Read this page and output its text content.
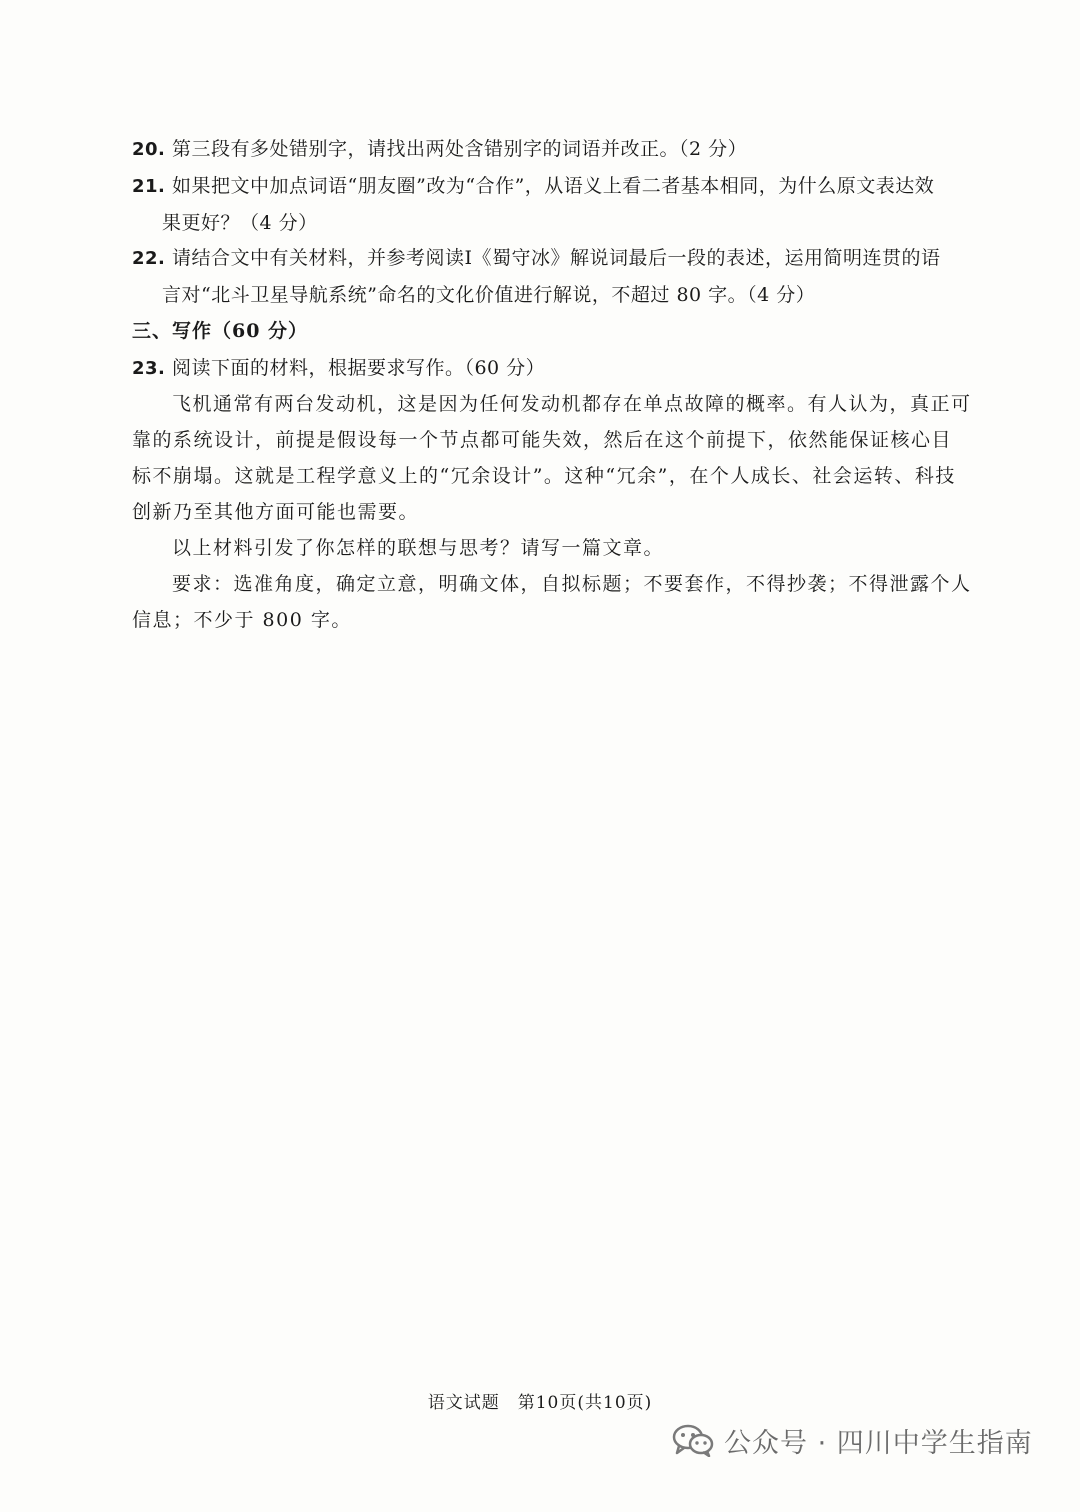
20. 第三段有多处错别字，请找出两处含错别字的词语并改正。（2 分）
21. 如果把文中加点词语“朋友圈”改为“合作”，从语义上看二者基本相同，为什么原文表达效
果更好？（4 分）
22. 请结合文中有关材料，并参考阅读Ⅰ《蜀守冰》解说词最后一段的表述，运用简明连贯的语
言对“北斗卫星导航系统”命名的文化价值进行解说，不超过 80 字。（4 分）
三、写作（60 分）
23. 阅读下面的材料，根据要求写作。（60 分）

飞机通常有两台发动机，这是因为任何发动机都存在单点故障的概率。有人认为，真正可靠的系统设计，前提是假设每一个节点都可能失效，然后在这个前提下，依然能保证核心目标不崩塌。这就是工程学意义上的“冗余设计”。这种“冗余”，在个人成长、社会运转、科技创新乃至其他方面可能也需要。

以上材料引发了你怎样的联想与思考？请写一篇文章。

要求：选准角度，确定立意，明确文体，自拟标题；不要套作，不得抄袭；不得泄露个人信息；不少于 800 字。

语文试题　第10页(共10页)
公众号 · 四川中学生指南
